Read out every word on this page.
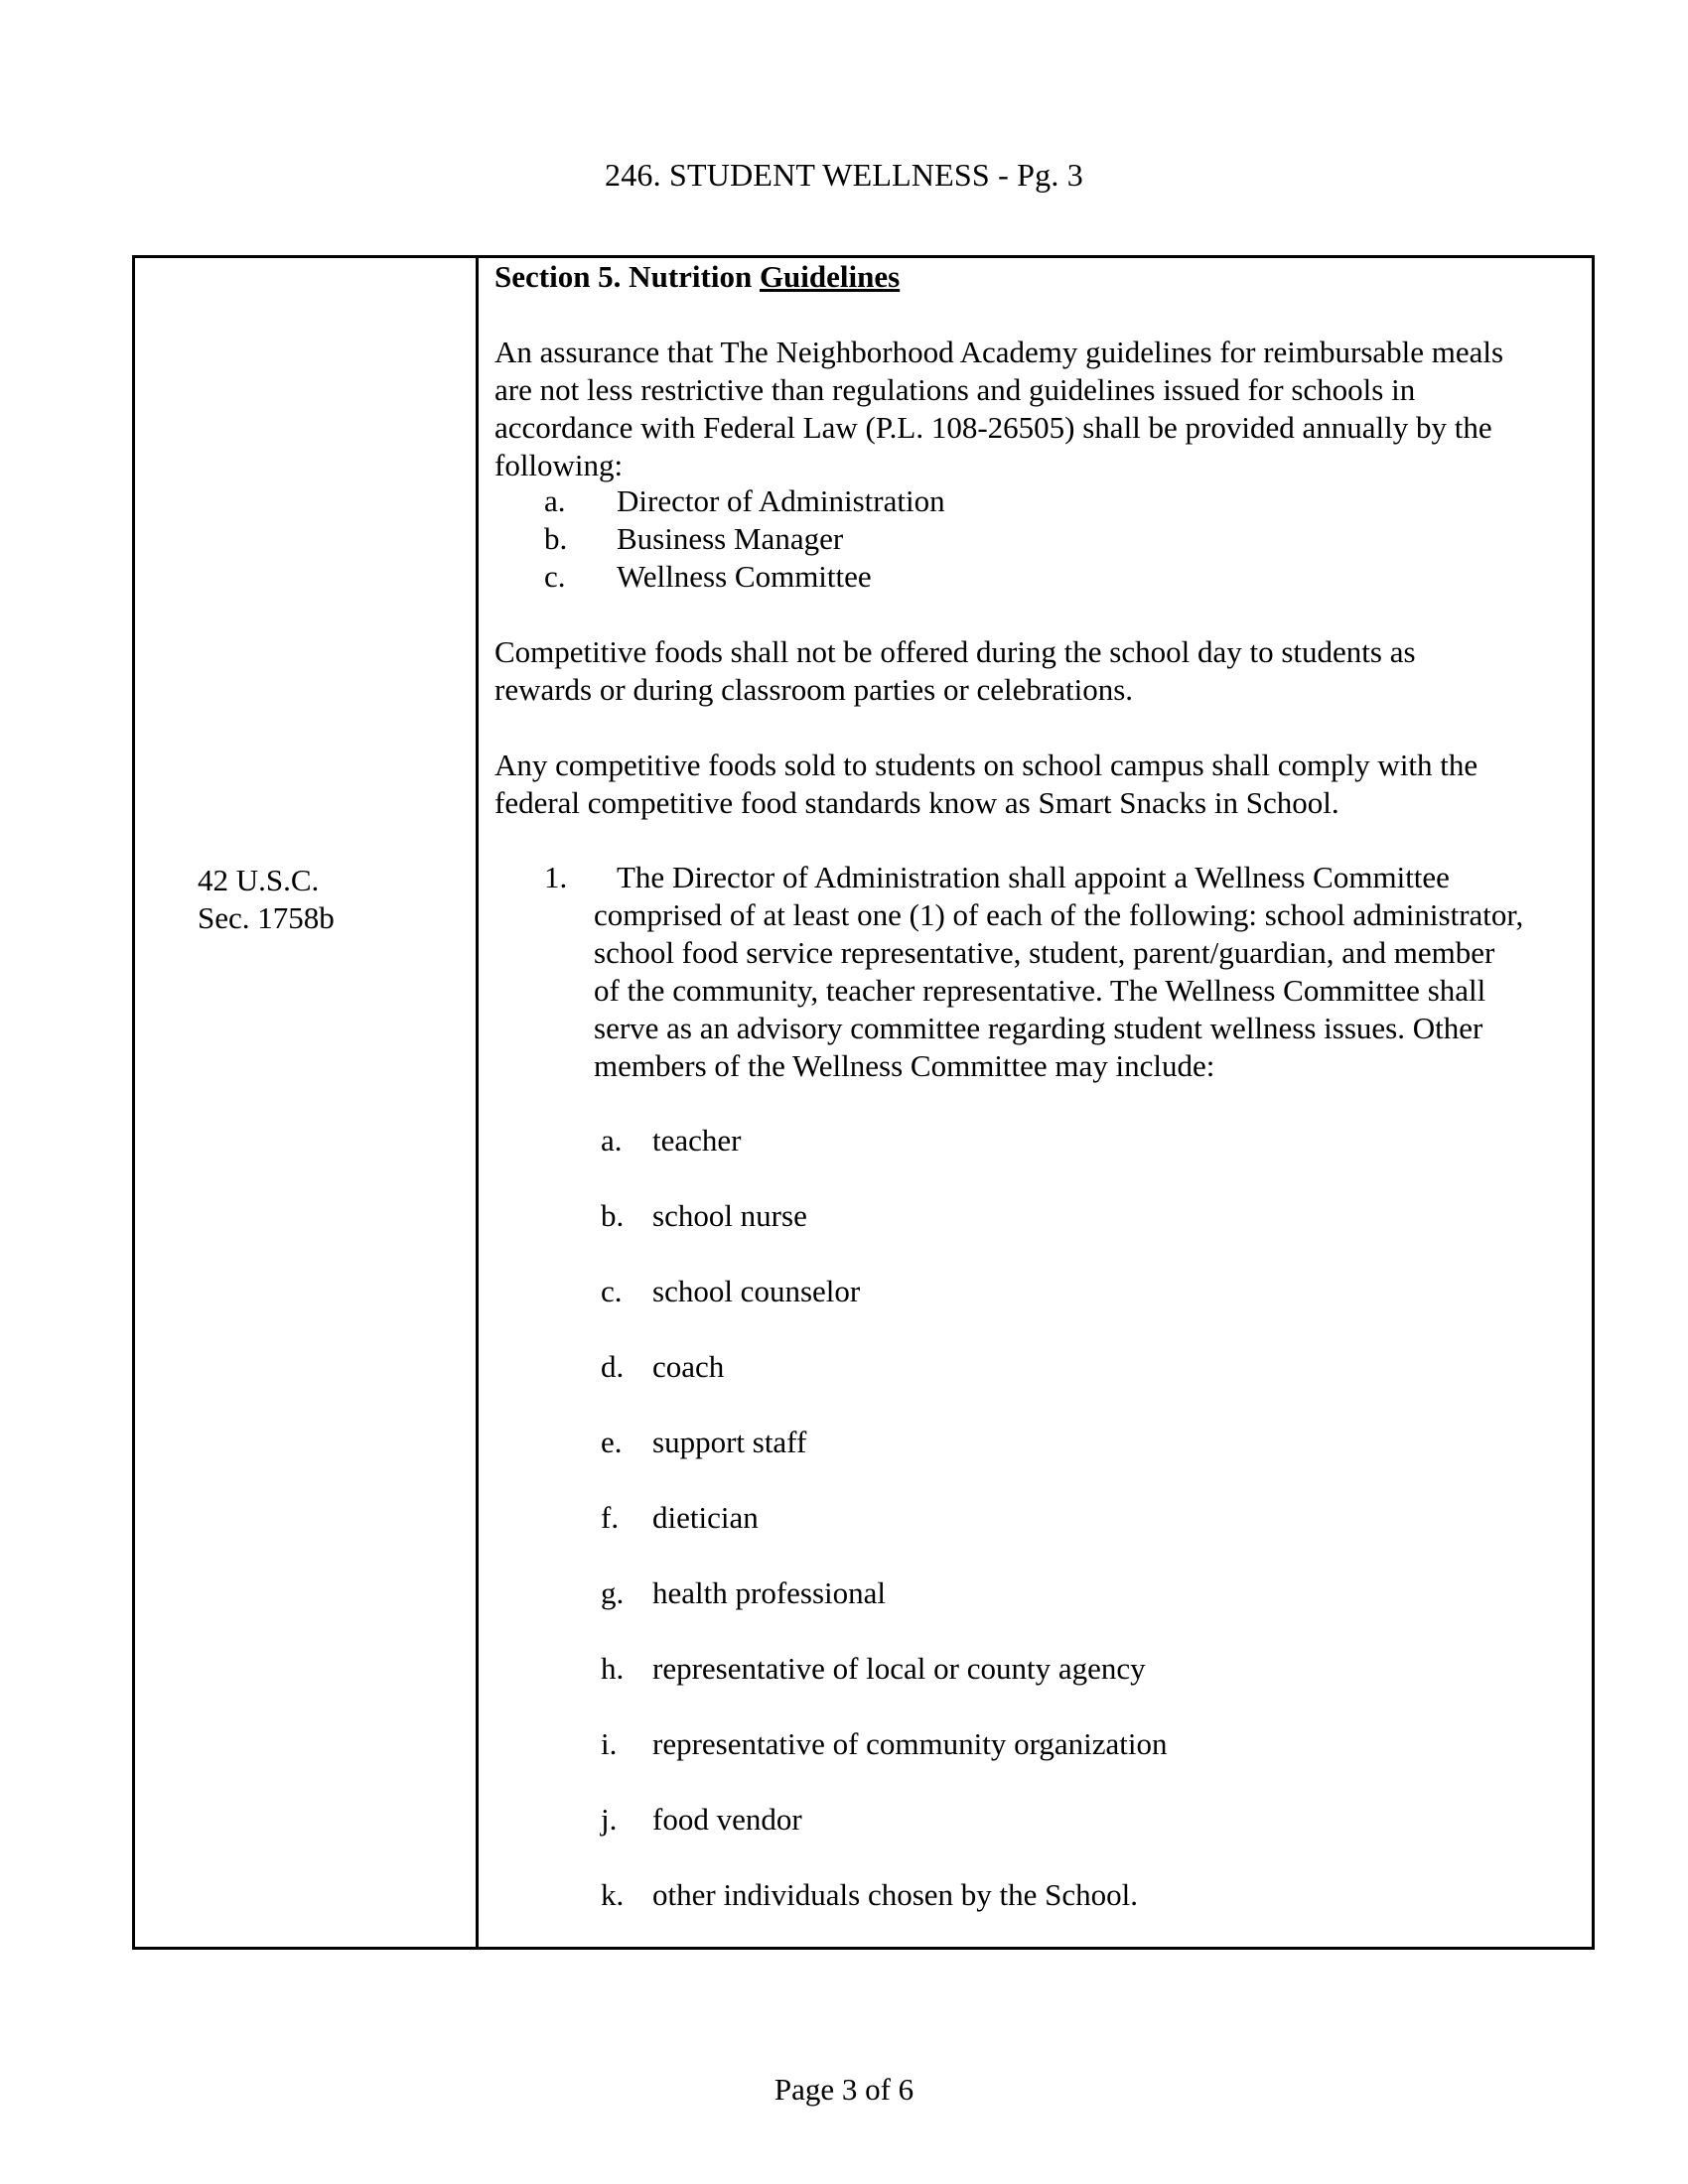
246. STUDENT WELLNESS - Pg. 3
42 U.S.C.
Sec. 1758b
Section 5. Nutrition Guidelines

An assurance that The Neighborhood Academy guidelines for reimbursable meals
are not less restrictive than regulations and guidelines issued for schools in
accordance with Federal Law (P.L. 108-26505) shall be provided annually by the
following:

a. Director of Administration
b. Business Manager
c. Wellness Committee

Competitive foods shall not be offered during the school day to students as
rewards or during classroom parties or celebrations.

Any competitive foods sold to students on school campus shall comply with the
federal competitive food standards know as Smart Snacks in School.

1.	The Director of Administration shall appoint a Wellness Committee
comprised of at least one (1) of each of the following: school administrator,
school food service representative, student, parent/guardian, and member
of the community, teacher representative. The Wellness Committee shall
serve as an advisory committee regarding student wellness issues. Other
members of the Wellness Committee may include:
a. teacher
b. school nurse
c. school counselor
d. coach
e. support staff
f.	dietician
g. health professional
h. representative of local or county agency
i.	representative of community organization
j.	food vendor
k. other individuals chosen by the School.
Page 3 of 6
